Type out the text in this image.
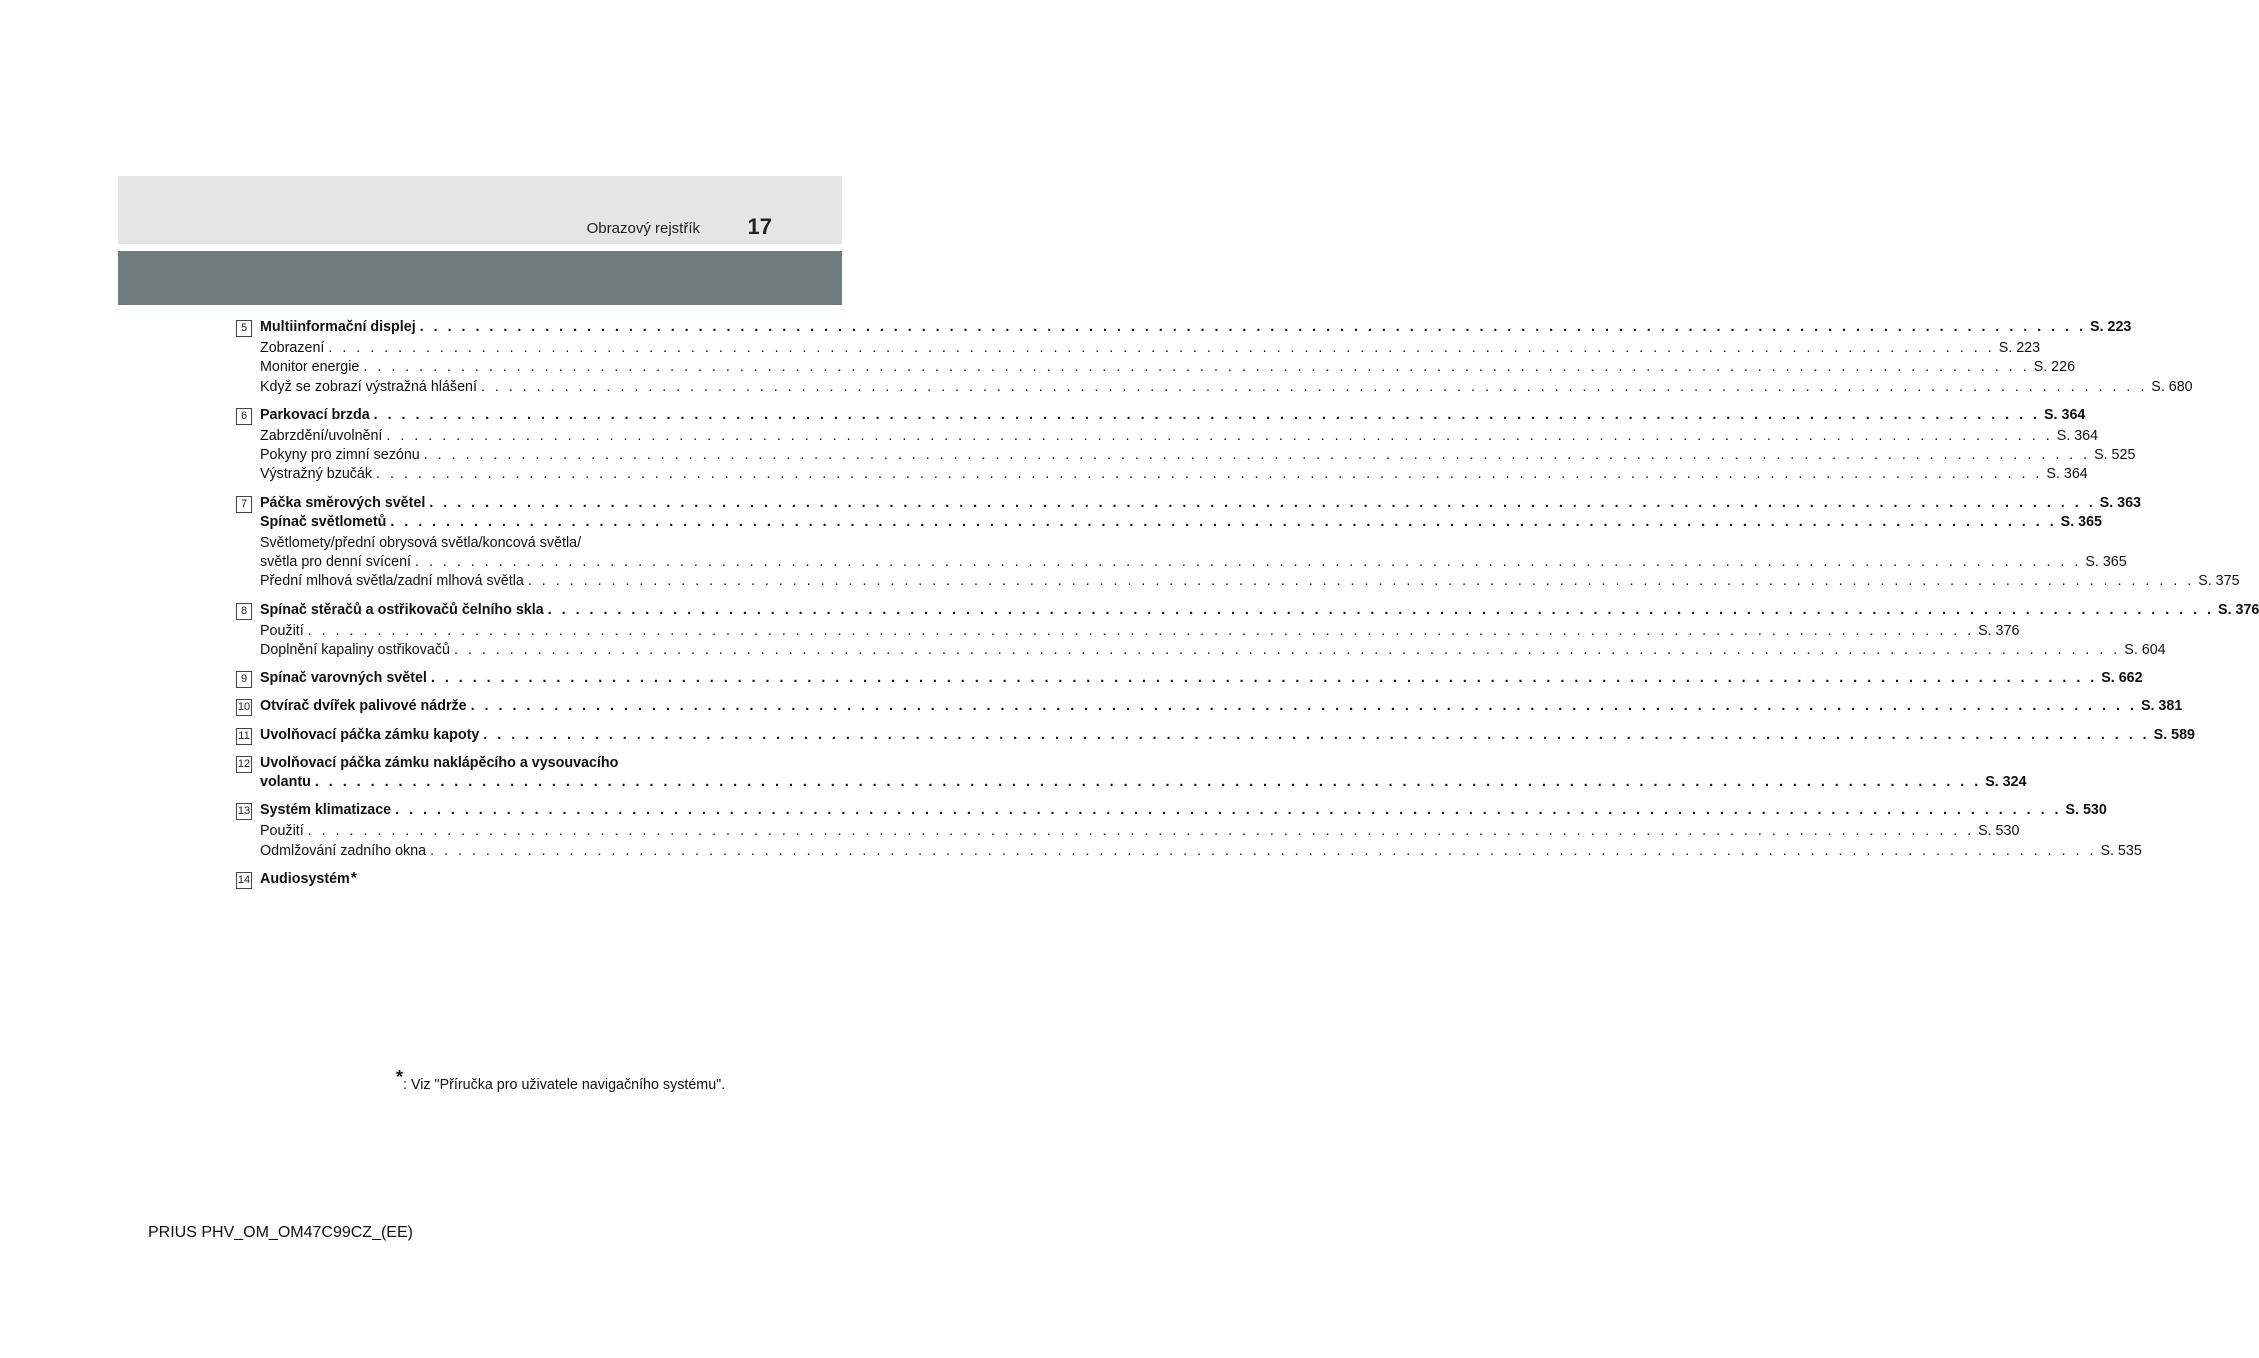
Obrazový rejstřík 17
5 Multiinformační displej . . . . . . . . . . . . . . . . . . . . . . . . . . . . . . . . . . . . . . . . . . . . . . . . . . . . . . . . . . . . . . . . . . . . . . . . . . . . . . . . . . . . . . . . . . . . . . . . . . . . . . . . . . . . . . . . . . . . . . . . S. 223
Zobrazení . . . . . . . . . . . . . . . . . . . . . . . . . . . . . . . . . . . . . . . . . . . . . . . . . . . . . . . . . . . . . . . . . . . . . . . . . . . . . . . . . . . . . . . . . . . . . . . . . . . . . . . . . . . . . . . . . . . . . . . . S. 223
Monitor energie . . . . . . . . . . . . . . . . . . . . . . . . . . . . . . . . . . . . . . . . . . . . . . . . . . . . . . . . . . . . . . . . . . . . . . . . . . . . . . . . . . . . . . . . . . . . . . . . . . . . . . . . . . . . . . . . . . . . . . . . S. 226
Když se zobrazí výstražná hlášení . . . . . . . . . . . . . . . . . . . . . . . . . . . . . . . . . . . . . . . . . . . . . . . . . . . . . . . . . . . . . . . . . . . . . . . . . . . . . . . . . . . . . . . . . . . . . . . . . . . . . . . . . . . . . . . . . . . . . . . . S. 680
6 Parkovací brzda . . . . . . . . . . . . . . . . . . . . . . . . . . . . . . . . . . . . . . . . . . . . . . . . . . . . . . . . . . . . . . . . . . . . . . . . . . . . . . . . . . . . . . . . . . . . . . . . . . . . . . . . . . . . . . . . . . . . . . . . S. 364
Zabrzdění/uvolnění . . . . . . . . . . . . . . . . . . . . . . . . . . . . . . . . . . . . . . . . . . . . . . . . . . . . . . . . . . . . . . . . . . . . . . . . . . . . . . . . . . . . . . . . . . . . . . . . . . . . . . . . . . . . . . . . . . . . . . . . S. 364
Pokyny pro zimní sezónu . . . . . . . . . . . . . . . . . . . . . . . . . . . . . . . . . . . . . . . . . . . . . . . . . . . . . . . . . . . . . . . . . . . . . . . . . . . . . . . . . . . . . . . . . . . . . . . . . . . . . . . . . . . . . . . . . . . . . . . . S. 525
Výstražný bzučák . . . . . . . . . . . . . . . . . . . . . . . . . . . . . . . . . . . . . . . . . . . . . . . . . . . . . . . . . . . . . . . . . . . . . . . . . . . . . . . . . . . . . . . . . . . . . . . . . . . . . . . . . . . . . . . . . . . . . . . . S. 364
7 Páčka směrových světel . . . . . . . . . . . . . . . . . . . . . . . . . . . . . . . . . . . . . . . . . . . . . . . . . . . . . . . . . . . . . . . . . . . . . . . . . . . . . . . . . . . . . . . . . . . . . . . . . . . . . . . . . . . . . . . . . . . . . . . . S. 363
Spínač světlometů . . . . . . . . . . . . . . . . . . . . . . . . . . . . . . . . . . . . . . . . . . . . . . . . . . . . . . . . . . . . . . . . . . . . . . . . . . . . . . . . . . . . . . . . . . . . . . . . . . . . . . . . . . . . . . . . . . . . . . . . S. 365
Světlomety/přední obrysová světla/koncová světla/
světla pro denní svícení . . . . . . . . . . . . . . . . . . . . . . . . . . . . . . . . . . . . . . . . . . . . . . . . . . . . . . . . . . . . . . . . . . . . . . . . . . . . . . . . . . . . . . . . . . . . . . . . . . . . . . . . . . . . . . . . . . . . . . . . S. 365
Přední mlhová světla/zadní mlhová světla . . . . . . . . . . . . . . . . . . . . . . . . . . . . . . . . . . . . . . . . . . . . . . . . . . . . . . . . . . . . . . . . . . . . . . . . . . . . . . . . . . . . . . . . . . . . . . . . . . . . . . . . . . . . . . . . . . . . . . . . S. 375
8 Spínač stěračů a ostřikovačů čelního skla . . . . . . . . . . . . . . . . . . . . . . . . . . . . . . . . . . . . . . . . . . . . . . . . . . . . . . . . . . . . . . . . . . . . . . . . . . . . . . . . . . . . . . . . . . . . . . . . . . . . . . . . . . . . . . . . . . . . . . . . S. 376
Použití . . . . . . . . . . . . . . . . . . . . . . . . . . . . . . . . . . . . . . . . . . . . . . . . . . . . . . . . . . . . . . . . . . . . . . . . . . . . . . . . . . . . . . . . . . . . . . . . . . . . . . . . . . . . . . . . . . . . . . . . S. 376
Doplnění kapaliny ostřikovačů . . . . . . . . . . . . . . . . . . . . . . . . . . . . . . . . . . . . . . . . . . . . . . . . . . . . . . . . . . . . . . . . . . . . . . . . . . . . . . . . . . . . . . . . . . . . . . . . . . . . . . . . . . . . . . . . . . . . . . . . S. 604
9 Spínač varovných světel . . . . . . . . . . . . . . . . . . . . . . . . . . . . . . . . . . . . . . . . . . . . . . . . . . . . . . . . . . . . . . . . . . . . . . . . . . . . . . . . . . . . . . . . . . . . . . . . . . . . . . . . . . . . . . . . . . . . . . . . S. 662
10 Otvírač dvířek palivové nádrže . . . . . . . . . . . . . . . . . . . . . . . . . . . . . . . . . . . . . . . . . . . . . . . . . . . . . . . . . . . . . . . . . . . . . . . . . . . . . . . . . . . . . . . . . . . . . . . . . . . . . . . . . . . . . . . . . . . . . . . . S. 381
11 Uvolňovací páčka zámku kapoty . . . . . . . . . . . . . . . . . . . . . . . . . . . . . . . . . . . . . . . . . . . . . . . . . . . . . . . . . . . . . . . . . . . . . . . . . . . . . . . . . . . . . . . . . . . . . . . . . . . . . . . . . . . . . . . . . . . . . . . . S. 589
12 Uvolňovací páčka zámku naklápěcího a vysouvacího
volantu . . . . . . . . . . . . . . . . . . . . . . . . . . . . . . . . . . . . . . . . . . . . . . . . . . . . . . . . . . . . . . . . . . . . . . . . . . . . . . . . . . . . . . . . . . . . . . . . . . . . . . . . . . . . . . . . . . . . . . . . S. 324
13 Systém klimatizace . . . . . . . . . . . . . . . . . . . . . . . . . . . . . . . . . . . . . . . . . . . . . . . . . . . . . . . . . . . . . . . . . . . . . . . . . . . . . . . . . . . . . . . . . . . . . . . . . . . . . . . . . . . . . . . . . . . . . . . . S. 530
Použití . . . . . . . . . . . . . . . . . . . . . . . . . . . . . . . . . . . . . . . . . . . . . . . . . . . . . . . . . . . . . . . . . . . . . . . . . . . . . . . . . . . . . . . . . . . . . . . . . . . . . . . . . . . . . . . . . . . . . . . . S. 530
Odmlžování zadního okna . . . . . . . . . . . . . . . . . . . . . . . . . . . . . . . . . . . . . . . . . . . . . . . . . . . . . . . . . . . . . . . . . . . . . . . . . . . . . . . . . . . . . . . . . . . . . . . . . . . . . . . . . . . . . . . . . . . . . . . . S. 535
14 Audiosystém *
*: Viz "Příručka pro uživatele navigačního systému".
PRIUS PHV_OM_OM47C99CZ_(EE)
